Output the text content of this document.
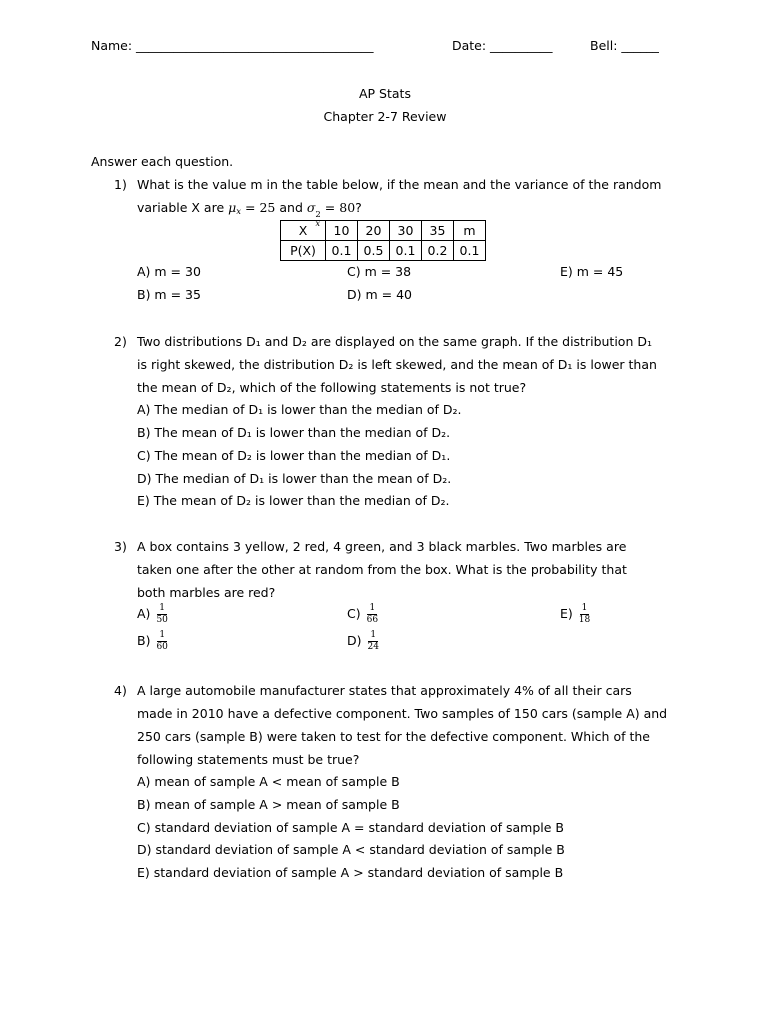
Name: ______________________________________	Date: __________	Bell: ______
AP Stats
Chapter 2-7 Review
Answer each question.
1) What is the value m in the table below, if the mean and the variance of the random
variable X are $\mu_x = 25$ and σ 2
x
= 80?
X	10	20	30	35	m
P(X)	0.1	0.5	0.1	0.2	0.1
A) m = 30
B) m = 35
C) m = 38
D) m = 40
E) m = 45
2) Two distributions D₁ and D₂ are displayed on the same graph. If the distribution D₁
is right skewed, the distribution D₂ is left skewed, and the mean of D₁ is lower than
the mean of D₂, which of the following statements is not true?
A) The median of D₁ is lower than the median of D₂.
B) The mean of D₁ is lower than the median of D₂.
C) The mean of D₂ is lower than the median of D₁.
D) The median of D₁ is lower than the mean of D₂.
E) The mean of D₂ is lower than the median of D₂.
3) A box contains 3 yellow, 2 red, 4 green, and 3 black marbles. Two marbles are
taken one after the other at random from the box. What is the probability that
both marbles are red?
$A) \frac{1}{50}$
$B) \frac{1}{60}$
$C) \frac{1}{66}$
$D) \frac{1}{24}$
$E) \frac{1}{18}$
4) A large automobile manufacturer states that approximately 4% of all their cars
made in 2010 have a defective component. Two samples of 150 cars (sample A) and
250 cars (sample B) were taken to test for the defective component. Which of the
following statements must be true?
A) mean of sample A < mean of sample B
B) mean of sample A > mean of sample B
C) standard deviation of sample A = standard deviation of sample B
D) standard deviation of sample A < standard deviation of sample B
E) standard deviation of sample A > standard deviation of sample B
